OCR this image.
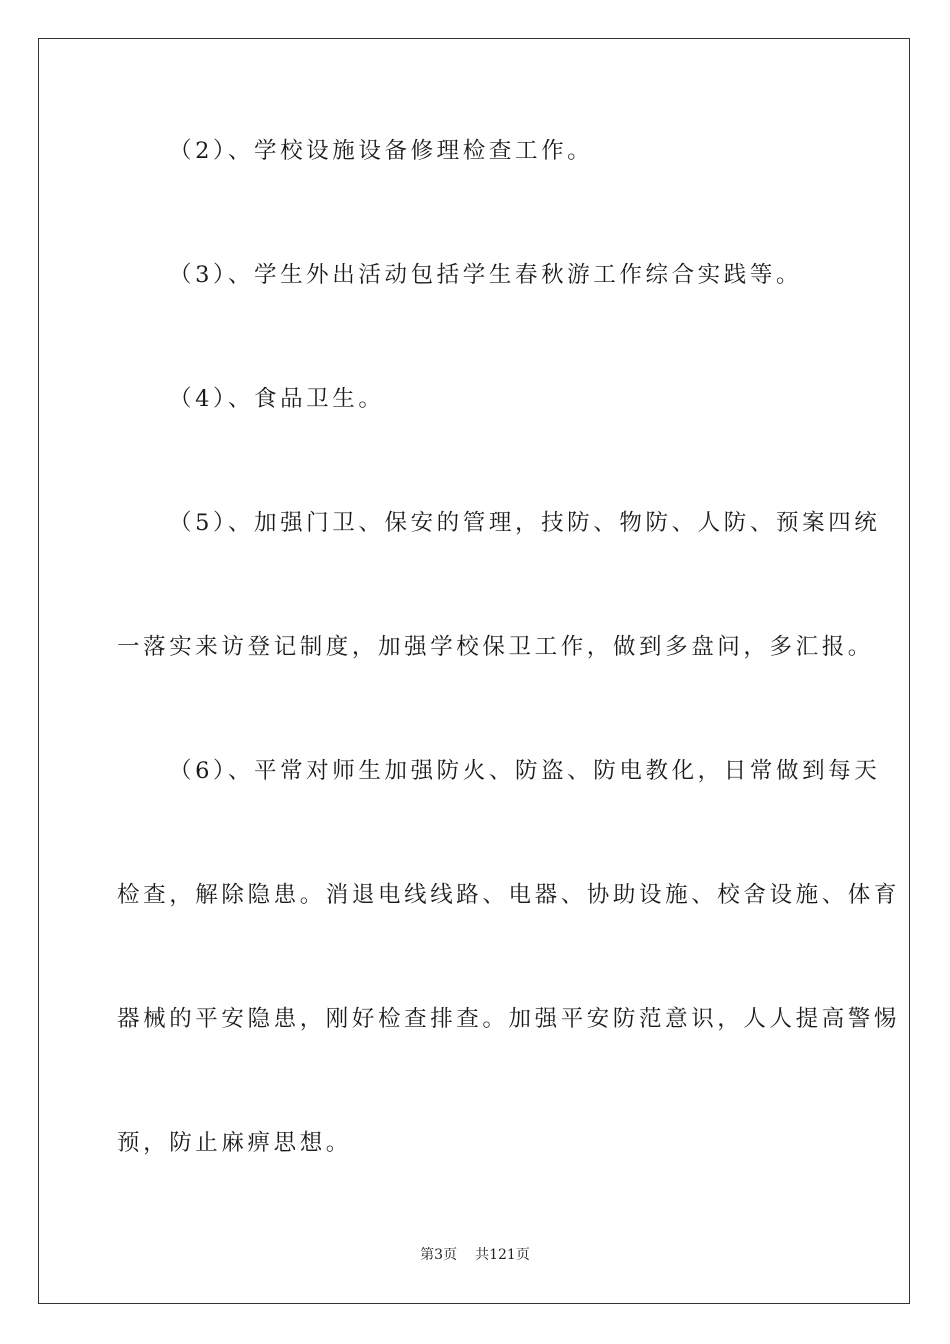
（2）、学校设施设备修理检查工作。
（3）、学生外出活动包括学生春秋游工作综合实践等。
（4）、食品卫生。
（5）、加强门卫、保安的管理，技防、物防、人防、预案四统
一落实来访登记制度，加强学校保卫工作，做到多盘问，多汇报。
（6）、平常对师生加强防火、防盗、防电教化，日常做到每天
检查，解除隐患。消退电线线路、电器、协助设施、校舍设施、体育
器械的平安隐患，刚好检查排查。加强平安防范意识，人人提高警惕
预，防止麻痹思想。
第3页 共121页
